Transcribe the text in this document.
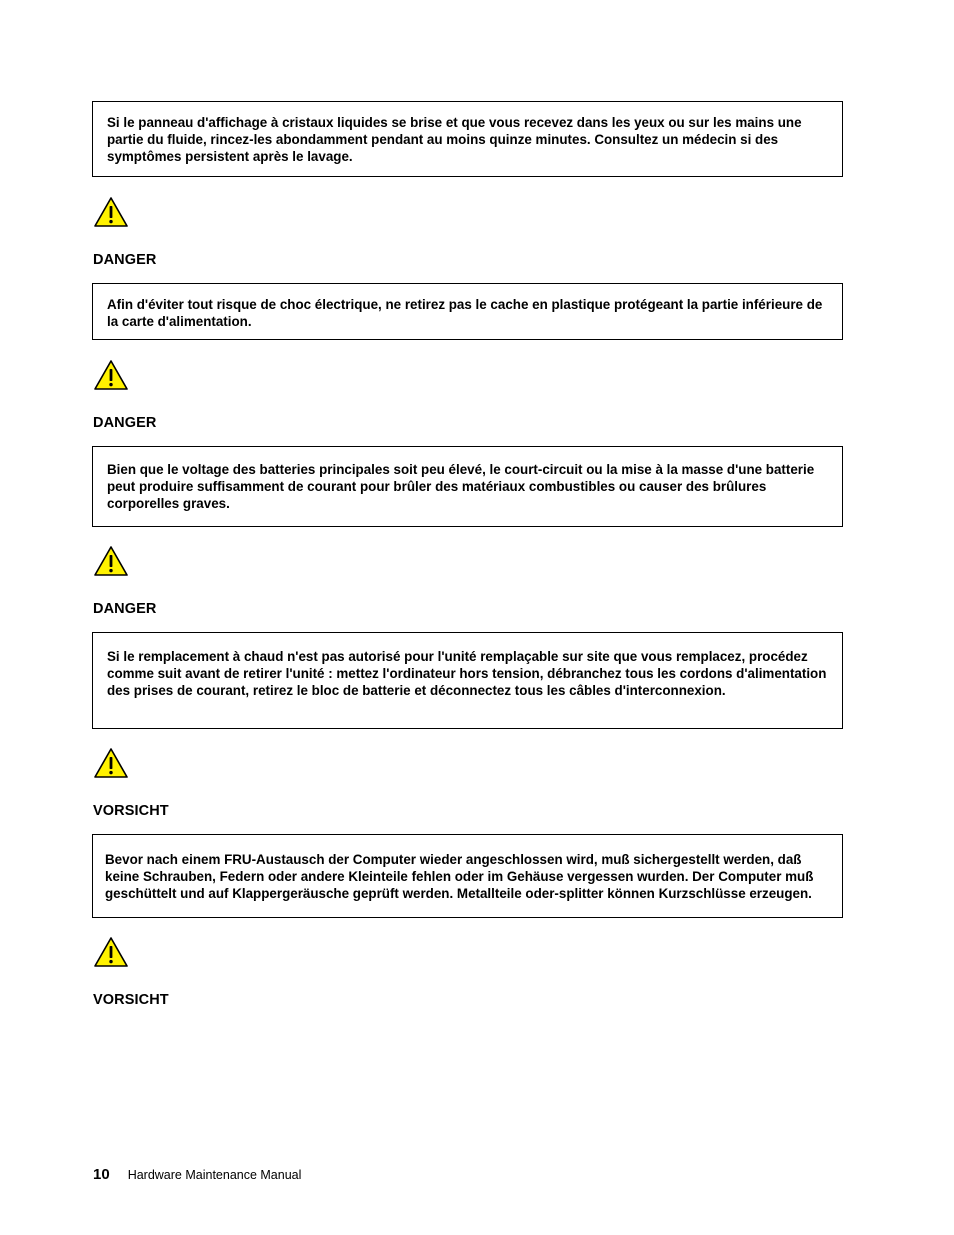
Si le panneau d'affichage à cristaux liquides se brise et que vous recevez dans les yeux ou sur les mains une partie du fluide, rincez-les abondamment pendant au moins quinze minutes. Consultez un médecin si des symptômes persistent après le lavage.

DANGER

Afin d'éviter tout risque de choc électrique, ne retirez pas le cache en plastique protégeant la partie inférieure de la carte d'alimentation.

DANGER

Bien que le voltage des batteries principales soit peu élevé, le court-circuit ou la mise à la masse d'une batterie peut produire suffisamment de courant pour brûler des matériaux combustibles ou causer des brûlures corporelles graves.

DANGER

Si le remplacement à chaud n'est pas autorisé pour l'unité remplaçable sur site que vous remplacez, procédez comme suit avant de retirer l'unité : mettez l'ordinateur hors tension, débranchez tous les cordons d'alimentation des prises de courant, retirez le bloc de batterie et déconnectez tous les câbles d'interconnexion.

VORSICHT

Bevor nach einem FRU-Austausch der Computer wieder angeschlossen wird, muß sichergestellt werden, daß keine Schrauben, Federn oder andere Kleinteile fehlen oder im Gehäuse vergessen wurden. Der Computer muß geschüttelt und auf Klappergeräusche geprüft werden. Metallteile oder-splitter können Kurzschlüsse erzeugen.

VORSICHT
10 Hardware Maintenance Manual
